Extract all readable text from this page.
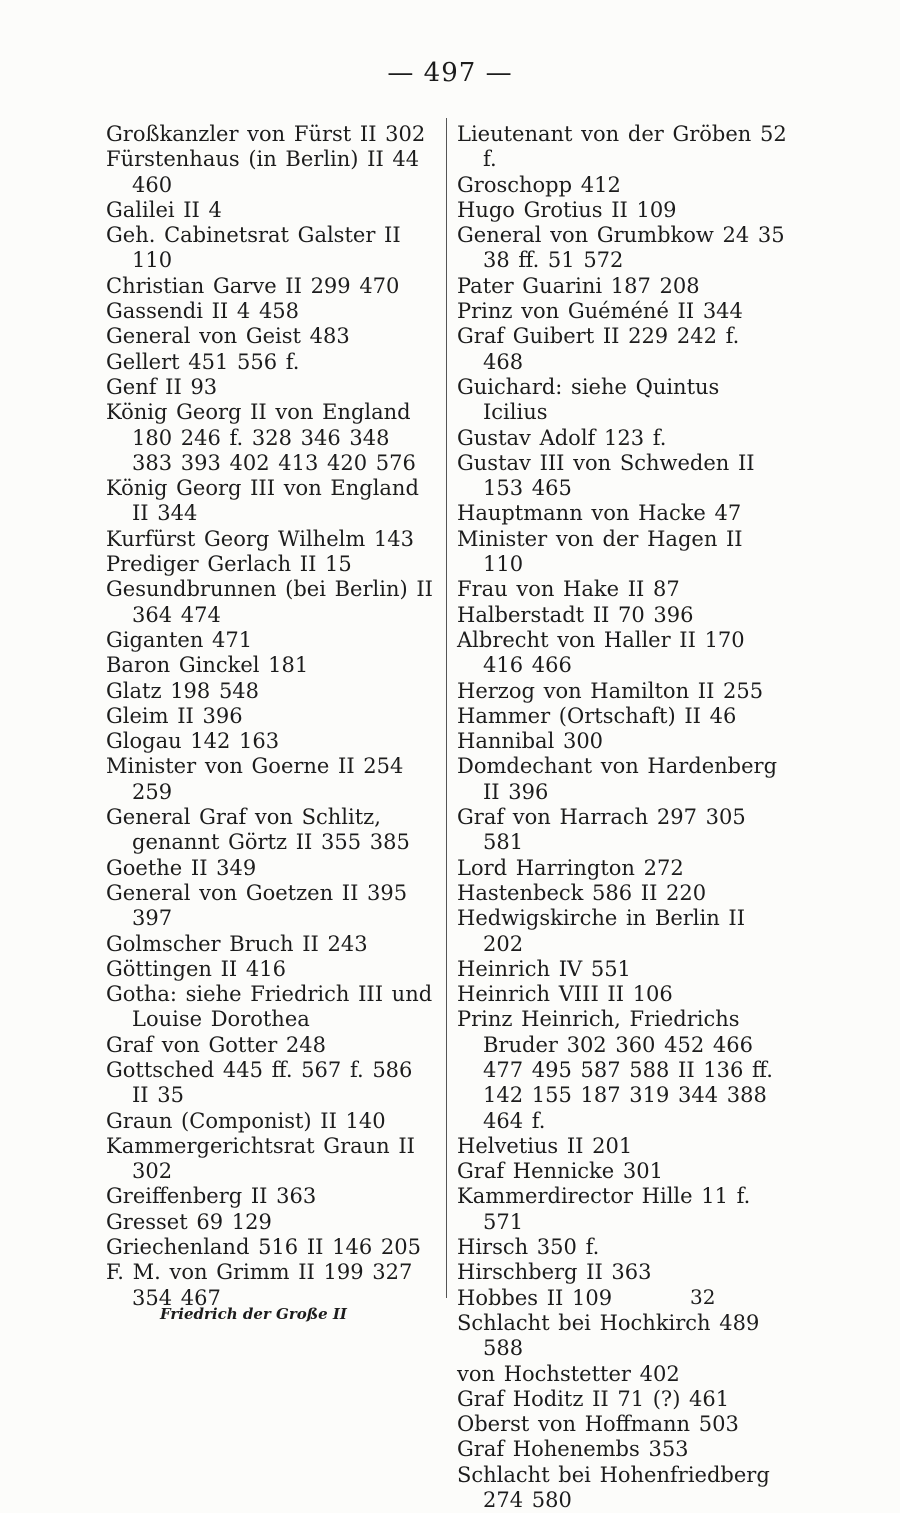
— 497 —
Großkanzler von Fürst II 302
Fürstenhaus (in Berlin) II 44 460
Galilei II 4
Geh. Cabinetsrat Galster II 110
Christian Garve II 299 470
Gassendi II 4 458
General von Geist 483
Gellert 451 556 f.
Genf II 93
König Georg II von England 180 246 f. 328 346 348 383 393 402 413 420 576
König Georg III von England II 344
Kurfürst Georg Wilhelm 143
Prediger Gerlach II 15
Gesundbrunnen (bei Berlin) II 364 474
Giganten 471
Baron Ginckel 181
Glatz 198 548
Gleim II 396
Glogau 142 163
Minister von Goerne II 254 259
General Graf von Schlitz, genannt Görtz II 355 385
Goethe II 349
General von Goetzen II 395 397
Golmscher Bruch II 243
Göttingen II 416
Gotha: siehe Friedrich III und Louise Dorothea
Graf von Gotter 248
Gottsched 445 ff. 567 f. 586 II 35
Graun (Componist) II 140
Kammergerichtsrat Graun II 302
Greiffenberg II 363
Gresset 69 129
Griechenland 516 II 146 205
F. M. von Grimm II 199 327 354 467
Lieutenant von der Gröben 52 f.
Groschopp 412
Hugo Grotius II 109
General von Grumbkow 24 35 38 ff. 51 572
Pater Guarini 187 208
Prinz von Guéméné II 344
Graf Guibert II 229 242 f. 468
Guichard: siehe Quintus Icilius
Gustav Adolf 123 f.
Gustav III von Schweden II 153 465
Hauptmann von Hacke 47
Minister von der Hagen II 110
Frau von Hake II 87
Halberstadt II 70 396
Albrecht von Haller II 170 416 466
Herzog von Hamilton II 255
Hammer (Ortschaft) II 46
Hannibal 300
Domdechant von Hardenberg II 396
Graf von Harrach 297 305 581
Lord Harrington 272
Hastenbeck 586 II 220
Hedwigskirche in Berlin II 202
Heinrich IV 551
Heinrich VIII II 106
Prinz Heinrich, Friedrichs Bruder 302 360 452 466 477 495 587 588 II 136 ff. 142 155 187 319 344 388 464 f.
Helvetius II 201
Graf Hennicke 301
Kammerdirector Hille 11 f. 571
Hirsch 350 f.
Hirschberg II 363
Hobbes II 109
Schlacht bei Hochkirch 489 588
von Hochstetter 402
Graf Hoditz II 71 (?) 461
Oberst von Hoffmann 503
Graf Hohenembs 353
Schlacht bei Hohenfriedberg 274 580
Friedrich der Große II
32
